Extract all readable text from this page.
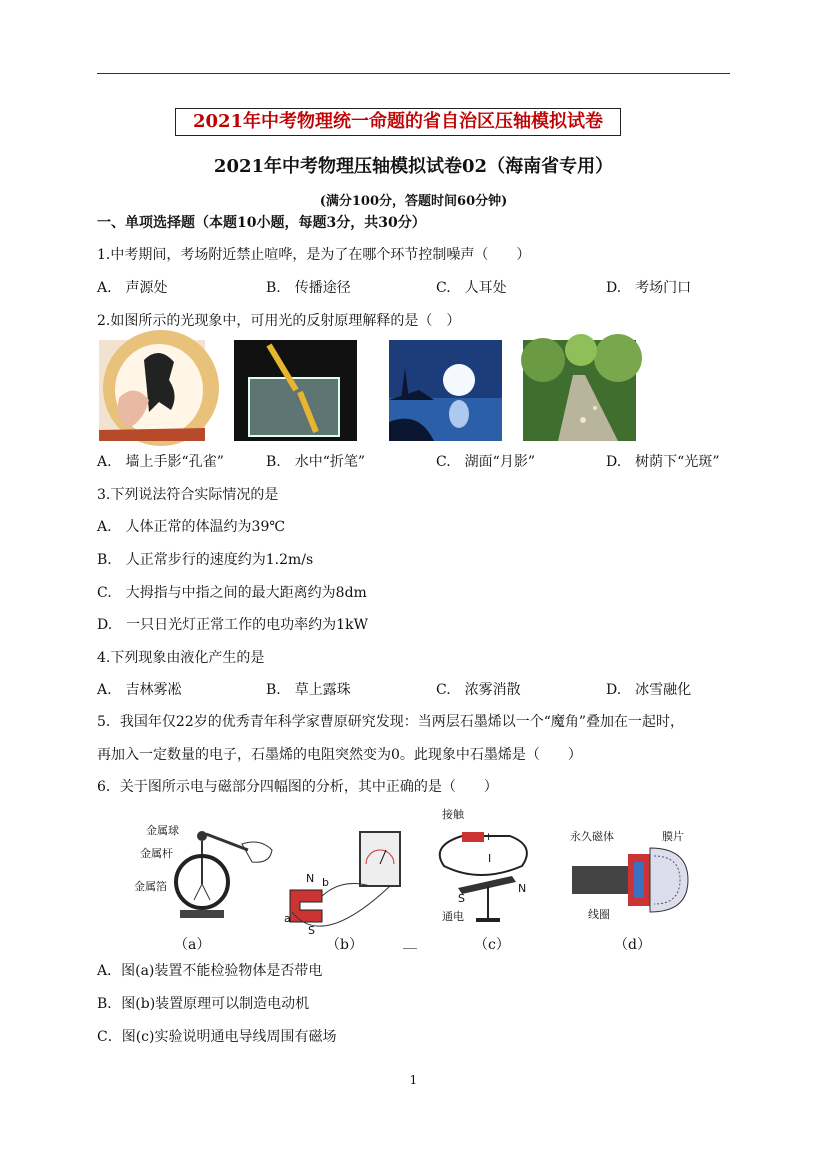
2021年中考物理统一命题的省自治区压轴模拟试卷
2021年中考物理压轴模拟试卷02（海南省专用）
(满分100分，答题时间60分钟)
一、单项选择题（本题10小题，每题3分，共30分）
1.中考期间，考场附近禁止喧哗，是为了在哪个环节控制噪声（　　）
A.　声源处	B.　传播途径	C.　人耳处	D.　考场门口
2.如图所示的光现象中，可用光的反射原理解释的是（　）
A.　墙上手影“孔雀”	B.　水中“折笔”	C.　湖面“月影”	D.　树荫下“光斑”
3.下列说法符合实际情况的是
A.　人体正常的体温约为39℃
B.　人正常步行的速度约为1.2m/s
C.　大拇指与中指之间的最大距离约为8dm
D.　一只日光灯正常工作的电功率约为1kW
4.下列现象由液化产生的是
A.　吉林雾凇	B.　草上露珠	C.　浓雾消散	D.　冰雪融化
5．我国年仅22岁的优秀青年科学家曹原研究发现：当两层石墨烯以一个“魔角”叠加在一起时，
再加入一定数量的电子，石墨烯的电阻突然变为0。此现象中石墨烯是（　　）
6．关于图所示电与磁部分四幅图的分析，其中正确的是（　　）
金属球
金属杆
金属箔
N b
a
S
接触
+
I
S
N
通电
永久磁体	膜片
线圈
（a）	（b）	＿	（c）	（d）
A．图(a)装置不能检验物体是否带电
B．图(b)装置原理可以制造电动机
C．图(c)实验说明通电导线周围有磁场
1
